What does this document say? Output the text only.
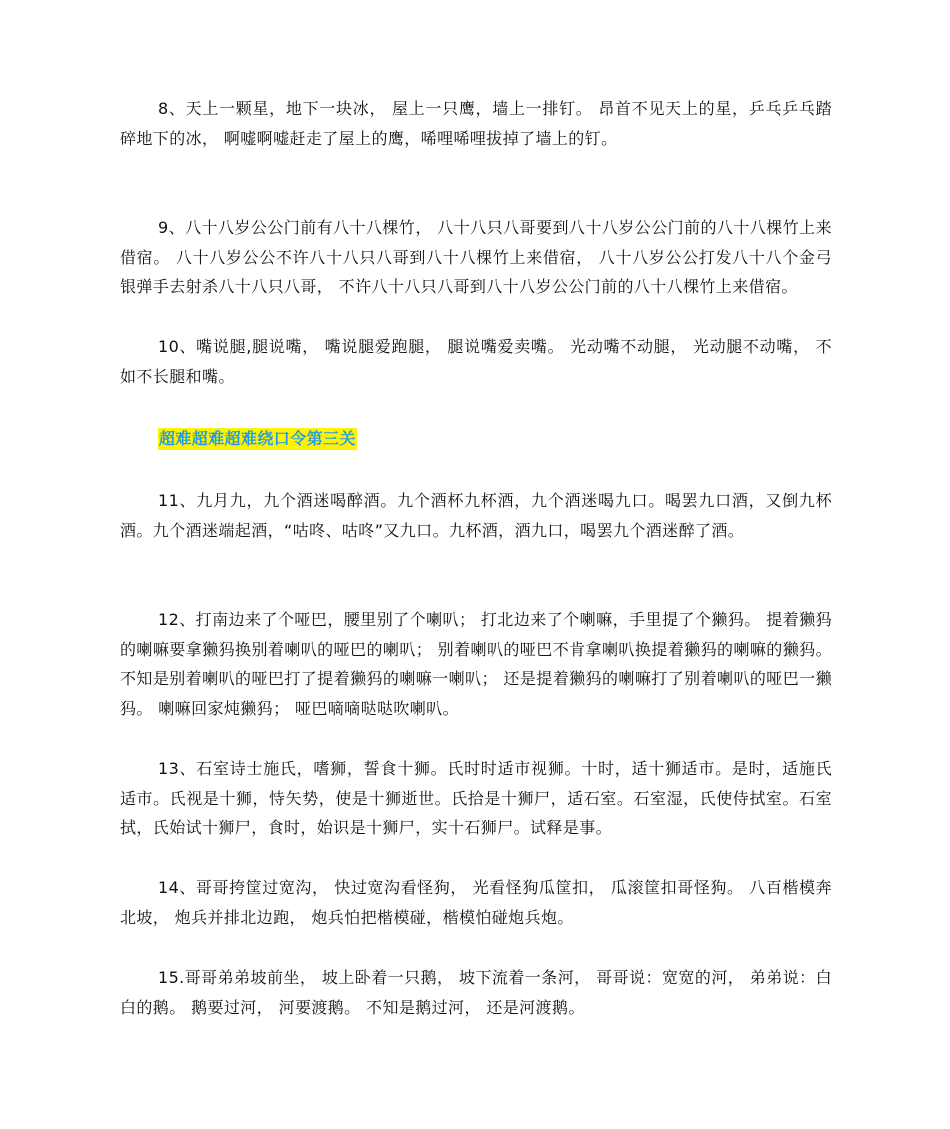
8、天上一颗星，地下一块冰， 屋上一只鹰，墙上一排钉。 昂首不见天上的星，乒乓乒乓踏碎地下的冰， 啊嘘啊嘘赶走了屋上的鹰，唏哩唏哩拔掉了墙上的钉。

9、八十八岁公公门前有八十八棵竹， 八十八只八哥要到八十八岁公公门前的八十八棵竹上来借宿。 八十八岁公公不许八十八只八哥到八十八棵竹上来借宿， 八十八岁公公打发八十八个金弓银弹手去射杀八十八只八哥， 不许八十八只八哥到八十八岁公公门前的八十八棵竹上来借宿。

10、嘴说腿,腿说嘴， 嘴说腿爱跑腿， 腿说嘴爱卖嘴。 光动嘴不动腿， 光动腿不动嘴， 不如不长腿和嘴。

超难超难超难绕口令第三关

11、九月九，九个酒迷喝醉酒。九个酒杯九杯酒，九个酒迷喝九口。喝罢九口酒，又倒九杯酒。九个酒迷端起酒，“咕咚、咕咚”又九口。九杯酒，酒九口，喝罢九个酒迷醉了酒。

12、打南边来了个哑巴，腰里别了个喇叭； 打北边来了个喇嘛，手里提了个獭犸。 提着獭犸的喇嘛要拿獭犸换别着喇叭的哑巴的喇叭； 别着喇叭的哑巴不肯拿喇叭换提着獭犸的喇嘛的獭犸。 不知是别着喇叭的哑巴打了提着獭犸的喇嘛一喇叭； 还是提着獭犸的喇嘛打了别着喇叭的哑巴一獭犸。 喇嘛回家炖獭犸； 哑巴嘀嘀哒哒吹喇叭。

13、石室诗士施氏，嗜狮，誓食十狮。氏时时适市视狮。十时，适十狮适市。是时，适施氏适市。氏视是十狮，恃矢势，使是十狮逝世。氏拾是十狮尸，适石室。石室湿，氏使侍拭室。石室拭，氏始试十狮尸，食时，始识是十狮尸，实十石狮尸。试释是事。

14、哥哥挎筐过宽沟， 快过宽沟看怪狗， 光看怪狗瓜筐扣， 瓜滚筐扣哥怪狗。 八百楷模奔北坡， 炮兵并排北边跑， 炮兵怕把楷模碰，楷模怕碰炮兵炮。

15.哥哥弟弟坡前坐， 坡上卧着一只鹅， 坡下流着一条河， 哥哥说：宽宽的河， 弟弟说：白白的鹅。 鹅要过河， 河要渡鹅。 不知是鹅过河， 还是河渡鹅。
